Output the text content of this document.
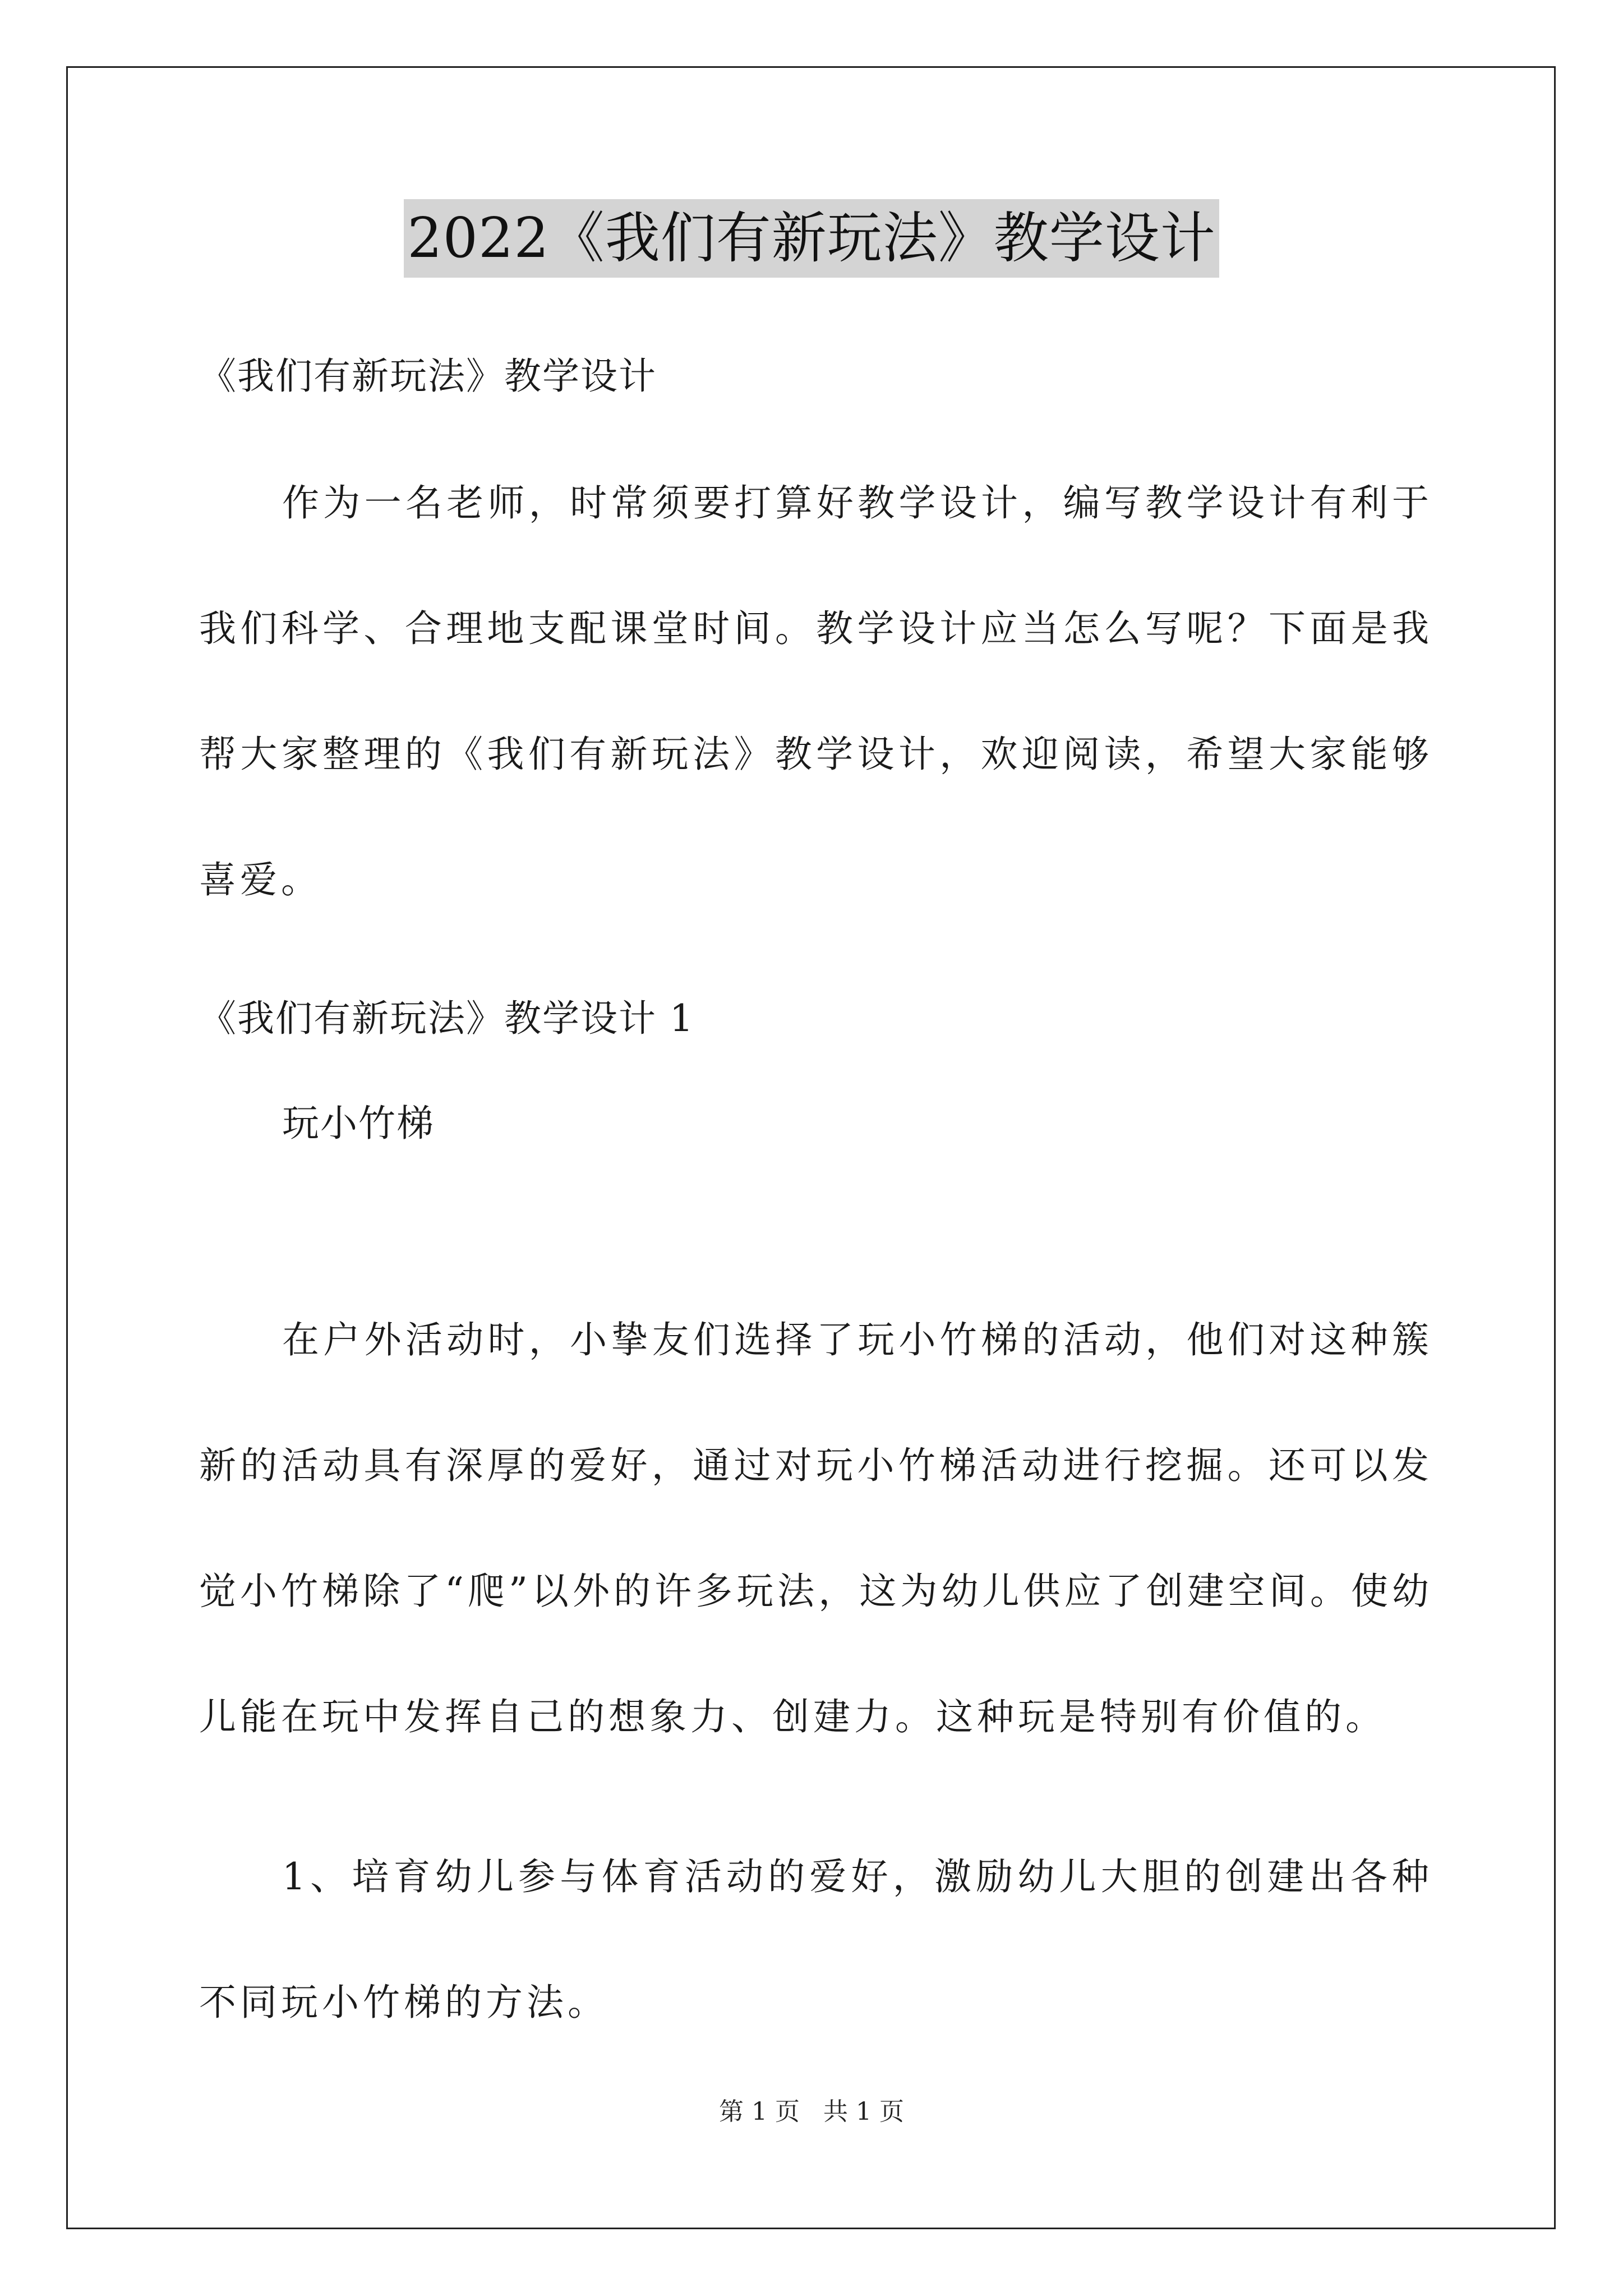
2022《我们有新玩法》教学设计

《我们有新玩法》教学设计

作为一名老师，时常须要打算好教学设计，编写教学设计有利于我们科学、合理地支配课堂时间。教学设计应当怎么写呢？下面是我帮大家整理的《我们有新玩法》教学设计，欢迎阅读，希望大家能够喜爱。

《我们有新玩法》教学设计 1

玩小竹梯

在户外活动时，小挚友们选择了玩小竹梯的活动，他们对这种簇新的活动具有深厚的爱好，通过对玩小竹梯活动进行挖掘。还可以发觉小竹梯除了“爬”以外的许多玩法，这为幼儿供应了创建空间。使幼儿能在玩中发挥自己的想象力、创建力。这种玩是特别有价值的。

1、培育幼儿参与体育活动的爱好，激励幼儿大胆的创建出各种不同玩小竹梯的方法。

第 1 页   共 1 页
